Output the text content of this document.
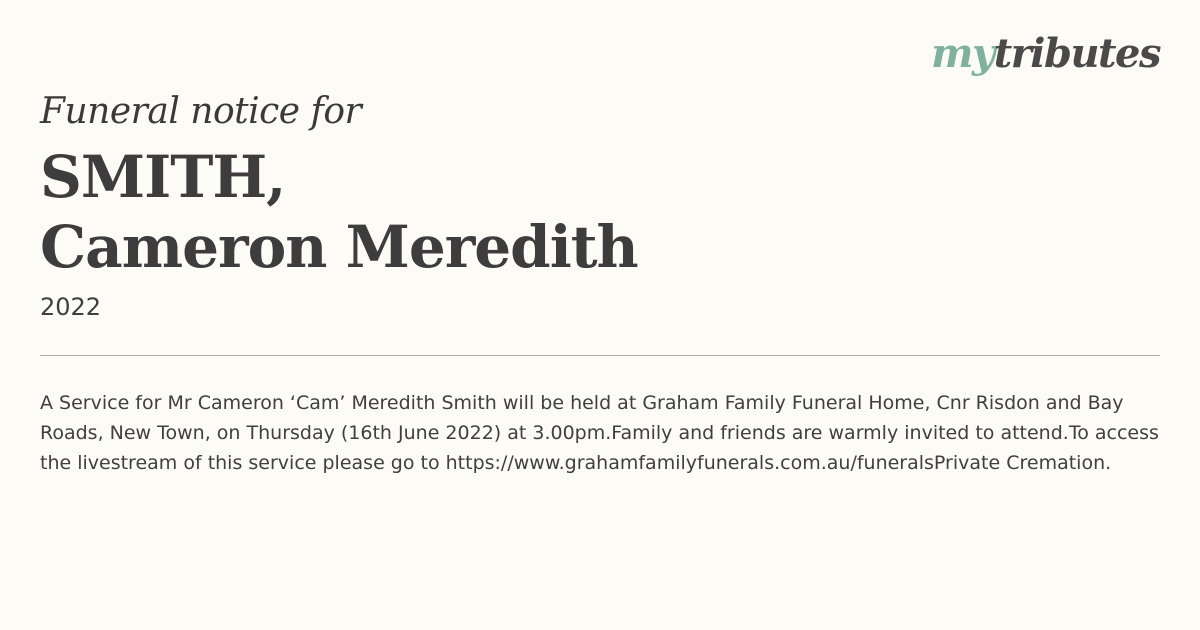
mytributes
Funeral notice for
SMITH,
Cameron Meredith
2022

A Service for Mr Cameron ‘Cam’ Meredith Smith will be held at Graham Family Funeral Home, Cnr Risdon and Bay Roads, New Town, on Thursday (16th June 2022) at 3.00pm.Family and friends are warmly invited to attend.To access the livestream of this service please go to https://www.grahamfamilyfunerals.com.au/funeralsPrivate Cremation.
